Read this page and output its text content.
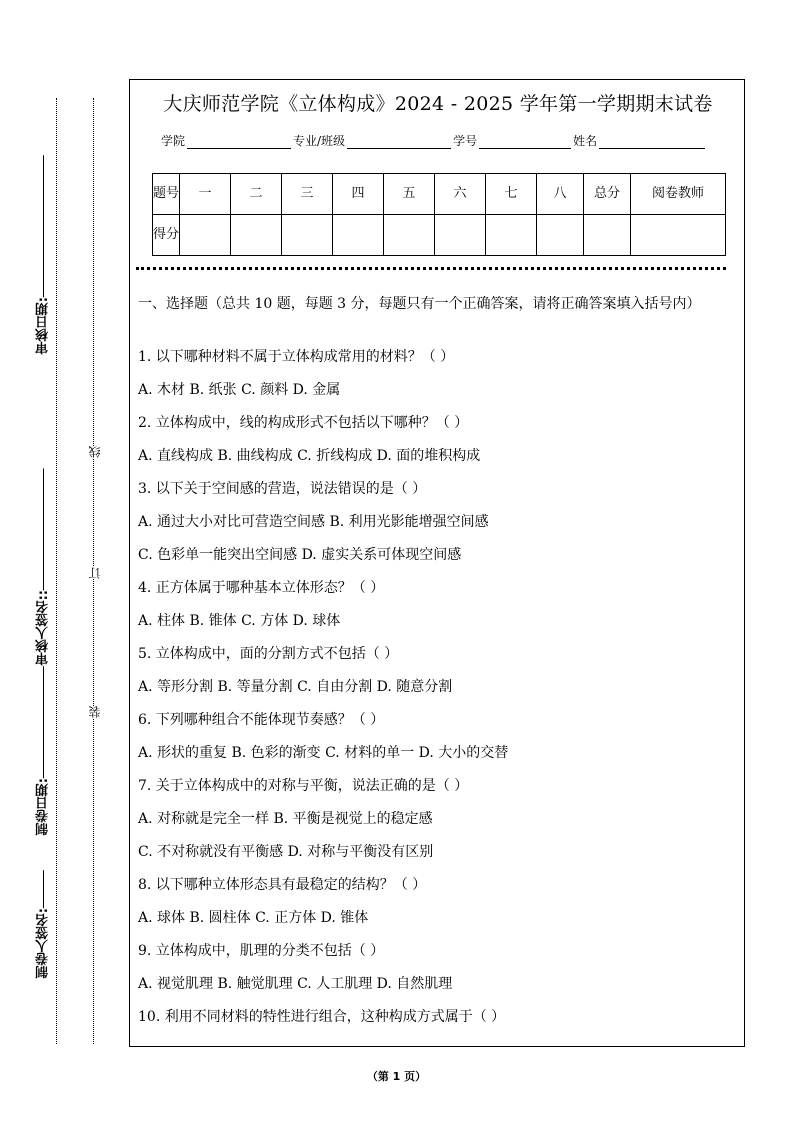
审核日期:
审核人签名::
制卷日期:
制卷人签名:
线
订
装
大庆师范学院《立体构成》2024 - 2025 学年第一学期期末试卷
学院	专业/班级	学号	姓名
题号	一	二	三	四	五	六	七	八	总分	阅卷教师
得分										
一、选择题（总共 10 题，每题 3 分，每题只有一个正确答案，请将正确答案填入括号内）
1. 以下哪种材料不属于立体构成常用的材料？（ ）
A. 木材 B. 纸张 C. 颜料 D. 金属
2. 立体构成中，线的构成形式不包括以下哪种？（ ）
A. 直线构成 B. 曲线构成 C. 折线构成 D. 面的堆积构成
3. 以下关于空间感的营造，说法错误的是（ ）
A. 通过大小对比可营造空间感 B. 利用光影能增强空间感
C. 色彩单一能突出空间感 D. 虚实关系可体现空间感
4. 正方体属于哪种基本立体形态？（ ）
A. 柱体 B. 锥体 C. 方体 D. 球体
5. 立体构成中，面的分割方式不包括（ ）
A. 等形分割 B. 等量分割 C. 自由分割 D. 随意分割
6. 下列哪种组合不能体现节奏感？（ ）
A. 形状的重复 B. 色彩的渐变 C. 材料的单一 D. 大小的交替
7. 关于立体构成中的对称与平衡，说法正确的是（ ）
A. 对称就是完全一样 B. 平衡是视觉上的稳定感
C. 不对称就没有平衡感 D. 对称与平衡没有区别
8. 以下哪种立体形态具有最稳定的结构？（ ）
A. 球体 B. 圆柱体 C. 正方体 D. 锥体
9. 立体构成中，肌理的分类不包括（ ）
A. 视觉肌理 B. 触觉肌理 C. 人工肌理 D. 自然肌理
10. 利用不同材料的特性进行组合，这种构成方式属于（ ）
（第 1 页）
